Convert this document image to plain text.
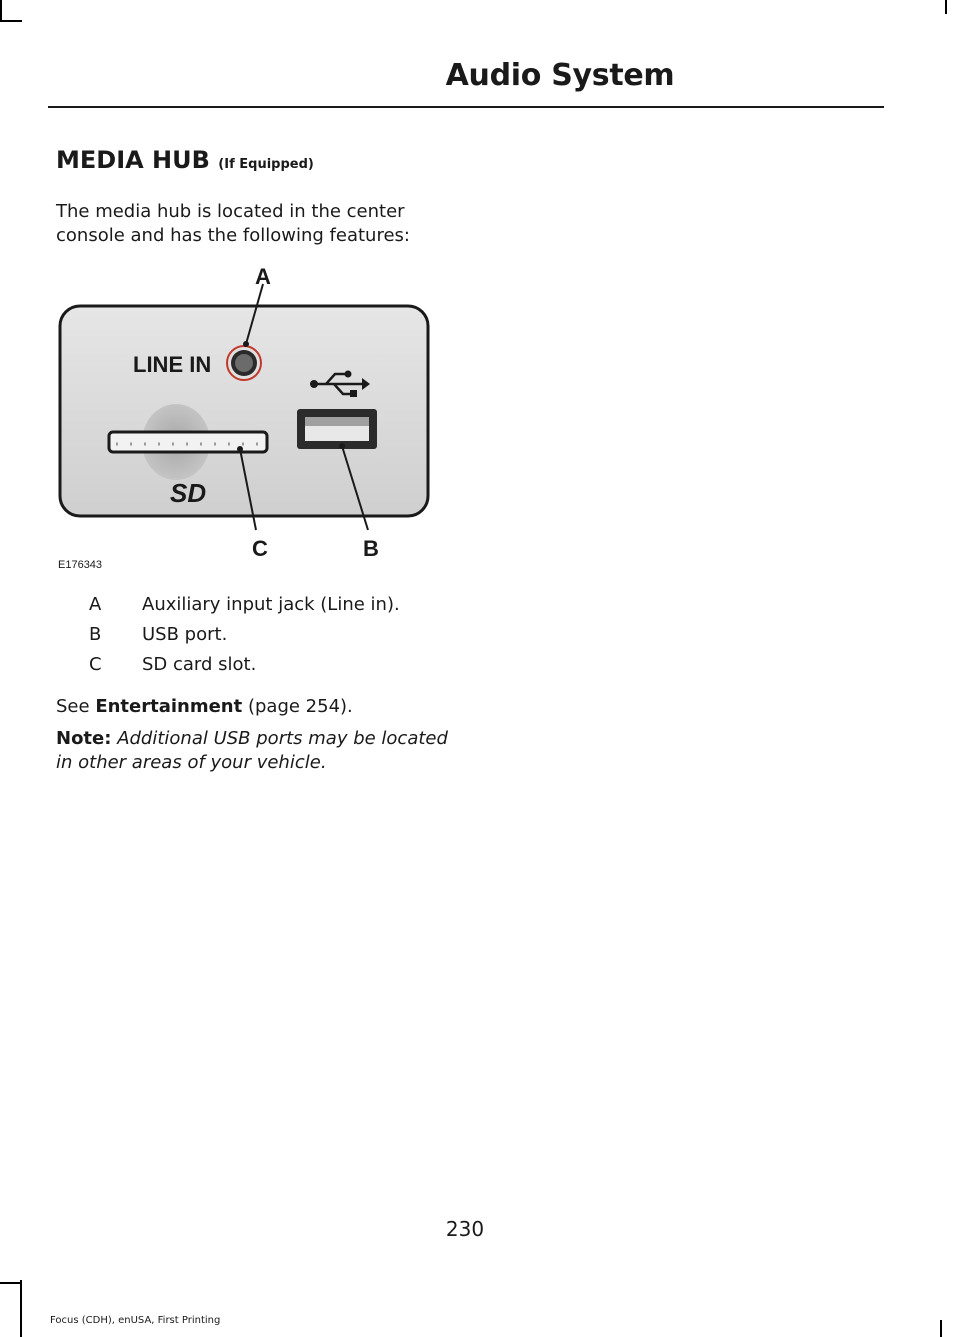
Audio System
MEDIA HUB (If Equipped)
The media hub is located in the center console and has the following features:
LINE IN
SD
A
B
C
E176343
A Auxiliary input jack (Line in).
B USB port.
C SD card slot.
See Entertainment (page 254).
Note: Additional USB ports may be located in other areas of your vehicle.
230
Focus (CDH), enUSA, First Printing
